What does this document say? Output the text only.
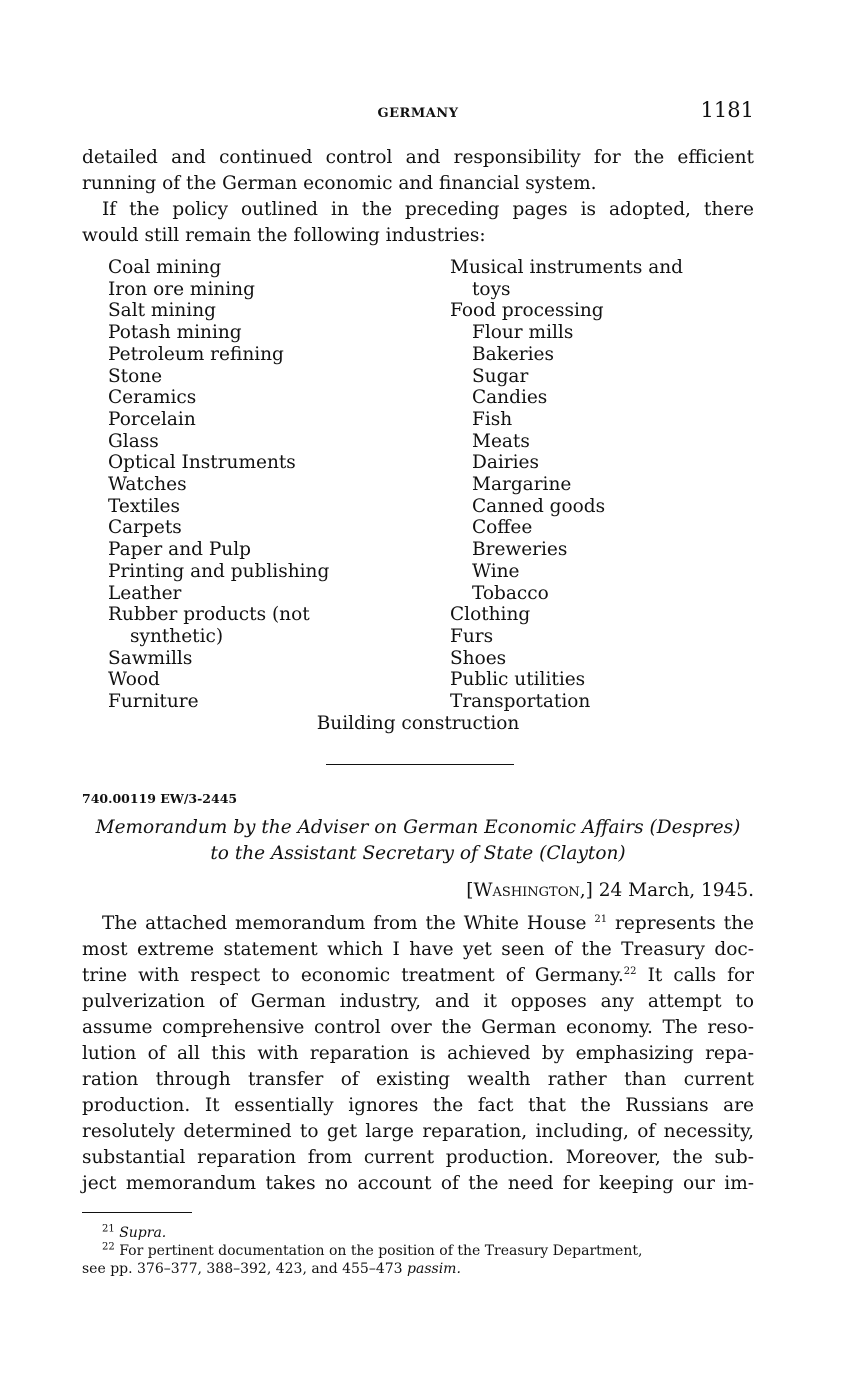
GERMANY	1181
detailed and continued control and responsibility for the efficient
running of the German economic and financial system.
If the policy outlined in the preceding pages is adopted, there
would still remain the following industries:
Coal mining
Iron ore mining
Salt mining
Potash mining
Petroleum refining
Stone
Ceramics
Porcelain
Glass
Optical Instruments
Watches
Textiles
Carpets
Paper and Pulp
Printing and publishing
Leather
Rubber products (not
synthetic)
Sawmills
Wood
Furniture
Musical instruments and
toys
Food processing
Flour mills
Bakeries
Sugar
Candies
Fish
Meats
Dairies
Margarine
Canned goods
Coffee
Breweries
Wine
Tobacco
Clothing
Furs
Shoes
Public utilities
Transportation
Building construction
740.00119 EW/3-2445
Memorandum by the Adviser on German Economic Affairs (Despres)
to the Assistant Secretary of State (Clayton)
[Washington,] 24 March, 1945.
The attached memorandum from the White House $^{21}$ represents the
most extreme statement which I have yet seen of the Treasury doc-
trine with respect to economic treatment of Germany.$^{22}$ It calls for
pulverization of German industry, and it opposes any attempt to
assume comprehensive control over the German economy. The reso-
lution of all this with reparation is achieved by emphasizing repa-
ration through transfer of existing wealth rather than current
production. It essentially ignores the fact that the Russians are
resolutely determined to get large reparation, including, of necessity,
substantial reparation from current production. Moreover, the sub-
ject memorandum takes no account of the need for keeping our im-
$^{21}$ Supra.
$^{22}$ For pertinent documentation on the position of the Treasury Department,
see pp. 376–377, 388–392, 423, and 455–473 passim.
